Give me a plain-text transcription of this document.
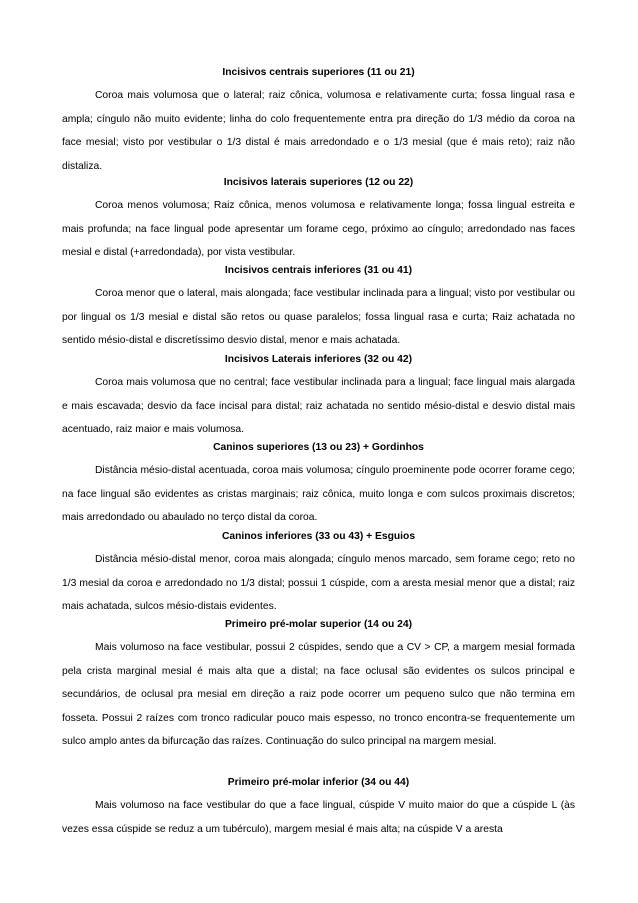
Incisivos centrais superiores (11 ou 21)

Coroa mais volumosa que o lateral; raiz cônica, volumosa e relativamente curta; fossa lingual rasa e ampla; cíngulo não muito evidente; linha do colo frequentemente entra pra direção do 1/3 médio da coroa na face mesial; visto por vestibular o 1/3 distal é mais arredondado e o 1/3 mesial (que é mais reto); raiz não distaliza.

Incisivos laterais superiores (12 ou 22)

Coroa menos volumosa; Raiz cônica, menos volumosa e relativamente longa; fossa lingual estreita e mais profunda; na face lingual pode apresentar um forame cego, próximo ao cíngulo; arredondado nas faces mesial e distal (+arredondada), por vista vestibular.

Incisivos centrais inferiores (31 ou 41)

Coroa menor que o lateral, mais alongada; face vestibular inclinada para a lingual; visto por vestibular ou por lingual os 1/3 mesial e distal são retos ou quase paralelos; fossa lingual rasa e curta; Raiz achatada no sentido mésio-distal e discretíssimo desvio distal, menor e mais achatada.

Incisivos Laterais inferiores (32 ou 42)

Coroa mais volumosa que no central; face vestibular inclinada para a lingual; face lingual mais alargada e mais escavada; desvio da face incisal para distal; raiz achatada no sentido mésio-distal e desvio distal mais acentuado, raiz maior e mais volumosa.

Caninos superiores (13 ou 23) + Gordinhos

Distância mésio-distal acentuada, coroa mais volumosa; cíngulo proeminente pode ocorrer forame cego; na face lingual são evidentes as cristas marginais; raiz cônica, muito longa e com sulcos proximais discretos; mais arredondado ou abaulado no terço distal da coroa.

Caninos inferiores (33 ou 43) + Esguios

Distância mésio-distal menor, coroa mais alongada; cíngulo menos marcado, sem forame cego; reto no 1/3 mesial da coroa e arredondado no 1/3 distal; possui 1 cúspide, com a aresta mesial menor que a distal; raiz mais achatada, sulcos mésio-distais evidentes.

Primeiro pré-molar superior (14 ou 24)

Mais volumoso na face vestibular, possui 2 cúspides, sendo que a CV > CP, a margem mesial formada pela crista marginal mesial é mais alta que a distal; na face oclusal são evidentes os sulcos principal e secundários, de oclusal pra mesial em direção a raiz pode ocorrer um pequeno sulco que não termina em fosseta. Possui 2 raízes com tronco radicular pouco mais espesso, no tronco encontra-se frequentemente um sulco amplo antes da bifurcação das raízes. Continuação do sulco principal na margem mesial.

Primeiro pré-molar inferior (34 ou 44)

Mais volumoso na face vestibular do que a face lingual, cúspide V muito maior do que a cúspide L (às vezes essa cúspide se reduz a um tubérculo), margem mesial é mais alta; na cúspide V a aresta
